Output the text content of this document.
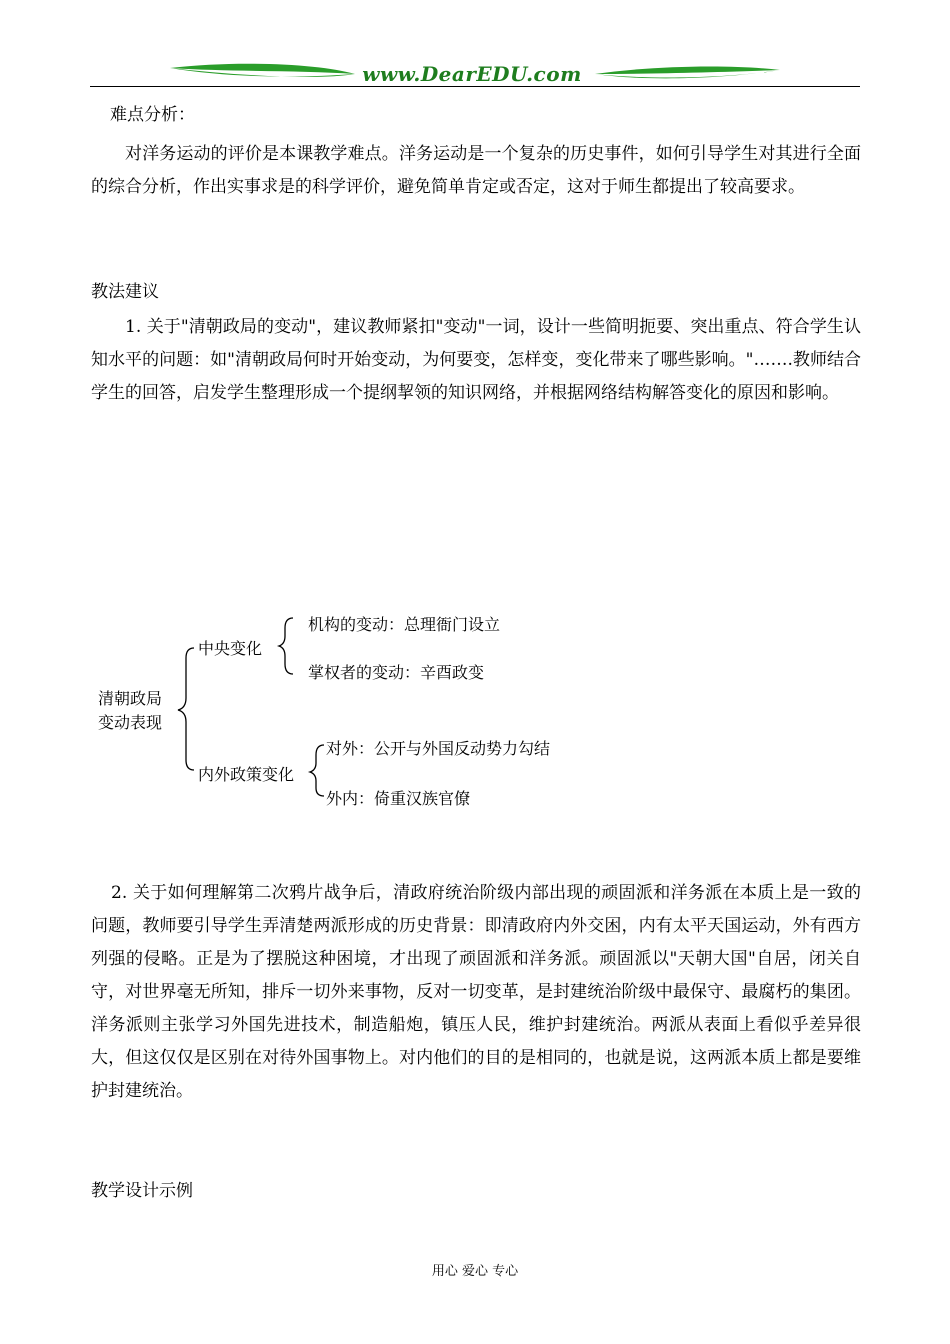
www.DearEDU.com
难点分析：
对洋务运动的评价是本课教学难点。洋务运动是一个复杂的历史事件，如何引导学生对其进行全面的综合分析，作出实事求是的科学评价，避免简单肯定或否定，这对于师生都提出了较高要求。
教法建议
1. 关于"清朝政局的变动"，建议教师紧扣"变动"一词，设计一些简明扼要、突出重点、符合学生认知水平的问题：如"清朝政局何时开始变动，为何要变，怎样变，变化带来了哪些影响。"…….教师结合学生的回答，启发学生整理形成一个提纲挈领的知识网络，并根据网络结构解答变化的原因和影响。
清朝政局
变动表现
中央变化
机构的变动：总理衙门设立
掌权者的变动：辛酉政变
内外政策变化
对外：公开与外国反动势力勾结
外内：倚重汉族官僚
2. 关于如何理解第二次鸦片战争后，清政府统治阶级内部出现的顽固派和洋务派在本质上是一致的问题，教师要引导学生弄清楚两派形成的历史背景：即清政府内外交困，内有太平天国运动，外有西方列强的侵略。正是为了摆脱这种困境，才出现了顽固派和洋务派。顽固派以"天朝大国"自居，闭关自守，对世界毫无所知，排斥一切外来事物，反对一切变革，是封建统治阶级中最保守、最腐朽的集团。洋务派则主张学习外国先进技术，制造船炮，镇压人民，维护封建统治。两派从表面上看似乎差异很大，但这仅仅是区别在对待外国事物上。对内他们的目的是相同的，也就是说，这两派本质上都是要维护封建统治。
教学设计示例
用心 爱心 专心
